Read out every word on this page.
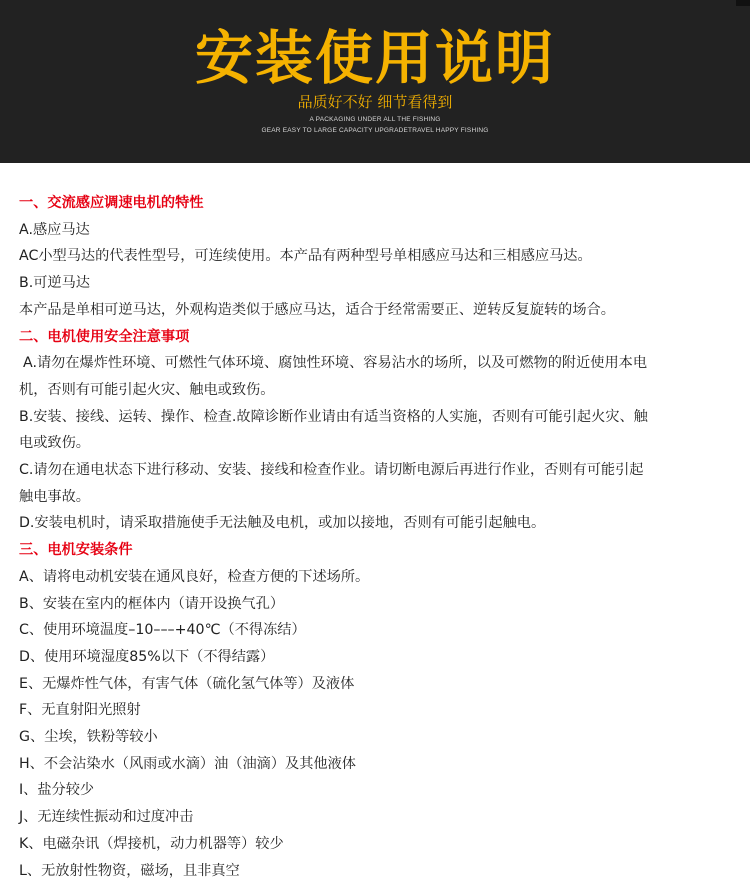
安装使用说明
品质好不好 细节看得到
A PACKAGING UNDER ALL THE FISHING
GEAR EASY TO LARGE CAPACITY UPGRADETRAVEL HAPPY FISHING
一、交流感应调速电机的特性
A.感应马达
AC小型马达的代表性型号，可连续使用。本产品有两种型号单相感应马达和三相感应马达。
B.可逆马达
本产品是单相可逆马达，外观构造类似于感应马达，适合于经常需要正、逆转反复旋转的场合。
二、电机使用安全注意事项
A.请勿在爆炸性环境、可燃性气体环境、腐蚀性环境、容易沾水的场所，以及可燃物的附近使用本电
机，否则有可能引起火灾、触电或致伤。
B.安装、接线、运转、操作、检查.故障诊断作业请由有适当资格的人实施，否则有可能引起火灾、触
电或致伤。
C.请勿在通电状态下进行移动、安装、接线和检查作业。请切断电源后再进行作业，否则有可能引起
触电事故。
D.安装电机时，请采取措施使手无法触及电机，或加以接地，否则有可能引起触电。
三、电机安装条件
A、请将电动机安装在通风良好，检查方便的下述场所。
B、安装在室内的框体内（请开设换气孔）
C、使用环境温度–10–––+40℃（不得冻结）
D、使用环境湿度85%以下（不得结露）
E、无爆炸性气体，有害气体（硫化氢气体等）及液体
F、无直射阳光照射
G、尘埃，铁粉等较小
H、不会沾染水（风雨或水滴）油（油滴）及其他液体
I、盐分较少
J、无连续性振动和过度冲击
K、电磁杂讯（焊接机，动力机器等）较少
L、无放射性物资，磁场，且非真空
